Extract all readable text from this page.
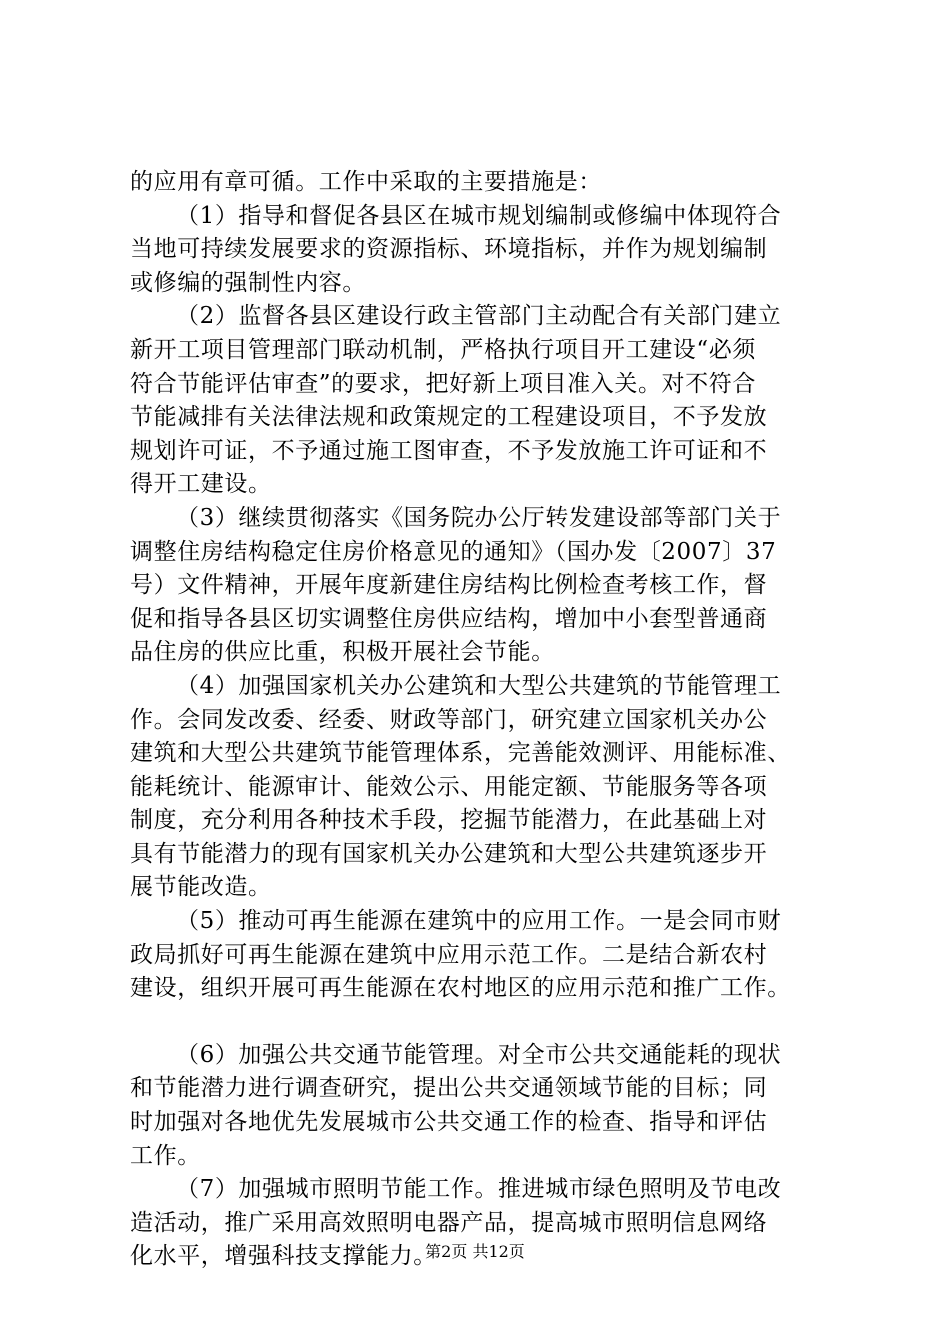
的应用有章可循。工作中采取的主要措施是：
（1）指导和督促各县区在城市规划编制或修编中体现符合
当地可持续发展要求的资源指标、环境指标，并作为规划编制
或修编的强制性内容。
（2）监督各县区建设行政主管部门主动配合有关部门建立
新开工项目管理部门联动机制，严格执行项目开工建设“必须
符合节能评估审查”的要求，把好新上项目准入关。对不符合
节能减排有关法律法规和政策规定的工程建设项目，不予发放
规划许可证，不予通过施工图审查，不予发放施工许可证和不
得开工建设。
（3）继续贯彻落实《国务院办公厅转发建设部等部门关于
调整住房结构稳定住房价格意见的通知》（国办发〔2007〕37
号）文件精神，开展年度新建住房结构比例检查考核工作，督
促和指导各县区切实调整住房供应结构，增加中小套型普通商
品住房的供应比重，积极开展社会节能。
（4）加强国家机关办公建筑和大型公共建筑的节能管理工
作。会同发改委、经委、财政等部门，研究建立国家机关办公
建筑和大型公共建筑节能管理体系，完善能效测评、用能标准、
能耗统计、能源审计、能效公示、用能定额、节能服务等各项
制度，充分利用各种技术手段，挖掘节能潜力，在此基础上对
具有节能潜力的现有国家机关办公建筑和大型公共建筑逐步开
展节能改造。
（5）推动可再生能源在建筑中的应用工作。一是会同市财
政局抓好可再生能源在建筑中应用示范工作。二是结合新农村
建设，组织开展可再生能源在农村地区的应用示范和推广工作。
（6）加强公共交通节能管理。对全市公共交通能耗的现状
和节能潜力进行调查研究，提出公共交通领域节能的目标；同
时加强对各地优先发展城市公共交通工作的检查、指导和评估
工作。
（7）加强城市照明节能工作。推进城市绿色照明及节电改
造活动，推广采用高效照明电器产品，提高城市照明信息网络
化水平，增强科技支撑能力。
第2页 共12页
